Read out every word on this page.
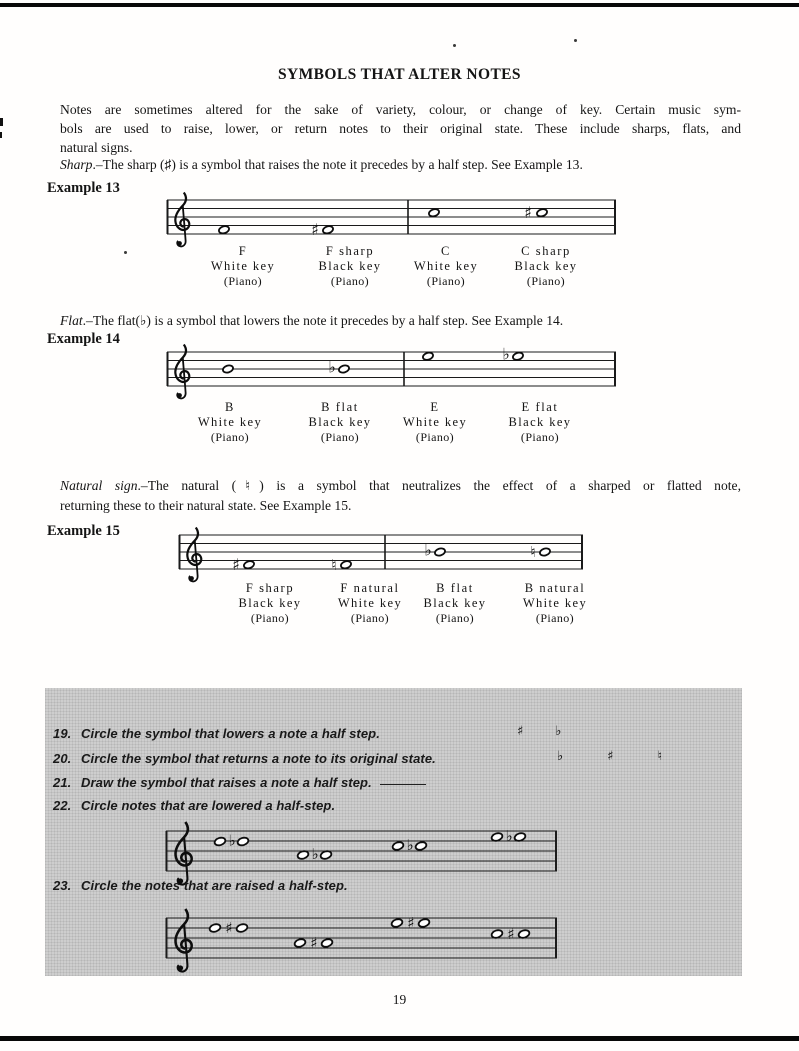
SYMBOLS THAT ALTER NOTES
Notes are sometimes altered for the sake of variety, colour, or change of key. Certain music sym-
bols are used to raise, lower, or return notes to their original state. These include sharps, flats, and
natural signs.
Sharp.–The sharp (♯) is a symbol that raises the note it precedes by a half step. See Example 13.
Example 13
♯
♯
F
White key
(Piano)
F sharp
Black key
(Piano)
C
White key
(Piano)
C sharp
Black key
(Piano)
Flat.–The flat(♭) is a symbol that lowers the note it precedes by a half step. See Example 14.
Example 14
♭
♭
B
White key
(Piano)
B flat
Black key
(Piano)
E
White key
(Piano)
E flat
Black key
(Piano)
Natural sign.–The natural (♮) is a symbol that neutralizes the effect of a sharped or flatted note,
returning these to their natural state. See Example 15.
Example 15
♯	♮
♭	♮
F sharp
Black key
(Piano)
F natural
White key
(Piano)
B flat
Black key
(Piano)
B natural
White key
(Piano)
19. Circle the symbol that lowers a note a half step.	♯ ♭
20. Circle the symbol that returns a note to its original state.	♭	♯	♮
21. Draw the symbol that raises a note a half step.
22. Circle notes that are lowered a half-step.
♭
♭	♭	♭
23. Circle the notes that are raised a half-step.
♯
♯
♯
♯
19
